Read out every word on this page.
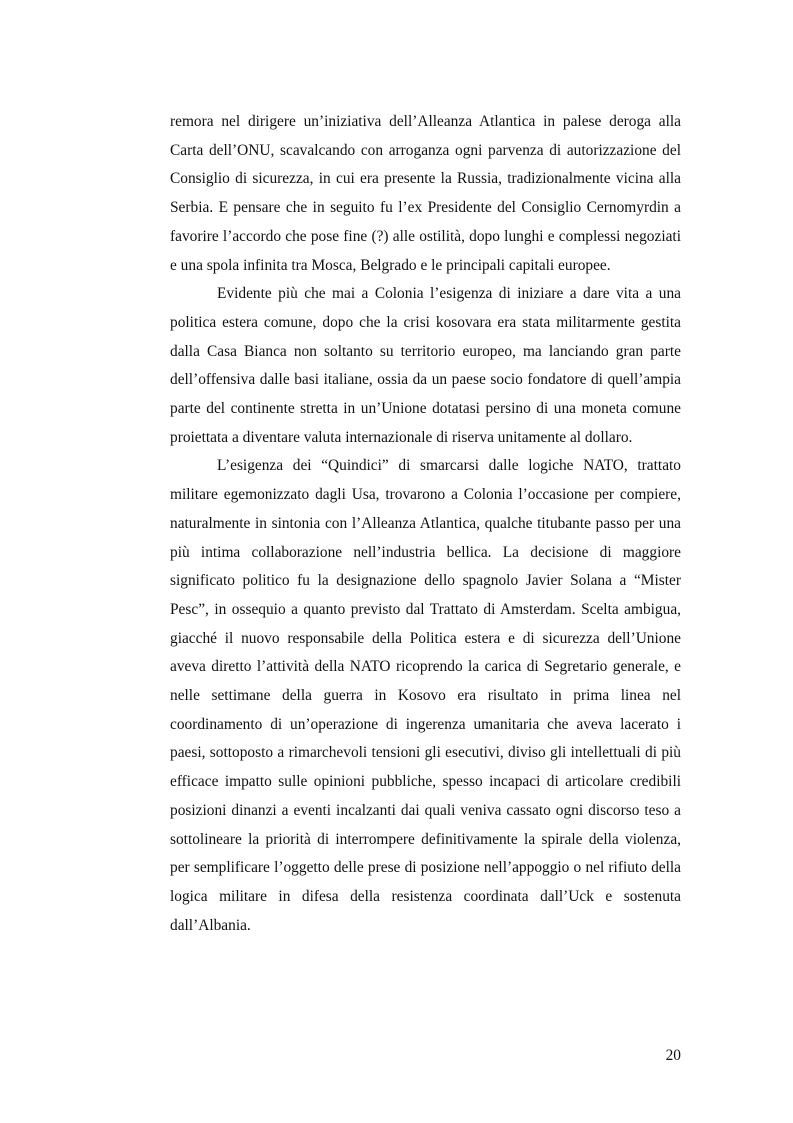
remora nel dirigere un’iniziativa dell’Alleanza Atlantica in palese deroga alla Carta dell’ONU, scavalcando con arroganza ogni parvenza di autorizzazione del Consiglio di sicurezza, in cui era presente la Russia, tradizionalmente vicina alla Serbia. E pensare che in seguito fu l’ex Presidente del Consiglio Cernomyrdin a favorire l’accordo che pose fine (?) alle ostilità, dopo lunghi e complessi negoziati e una spola infinita tra Mosca, Belgrado e le principali capitali europee.

Evidente più che mai a Colonia l’esigenza di iniziare a dare vita a una politica estera comune, dopo che la crisi kosovara era stata militarmente gestita dalla Casa Bianca non soltanto su territorio europeo, ma lanciando gran parte dell’offensiva dalle basi italiane, ossia da un paese socio fondatore di quell’ampia parte del continente stretta in un’Unione dotatasi persino di una moneta comune proiettata a diventare valuta internazionale di riserva unitamente al dollaro.

L’esigenza dei “Quindici” di smarcarsi dalle logiche NATO, trattato militare egemonizzato dagli Usa, trovarono a Colonia l’occasione per compiere, naturalmente in sintonia con l’Alleanza Atlantica, qualche titubante passo per una più intima collaborazione nell’industria bellica. La decisione di maggiore significato politico fu la designazione dello spagnolo Javier Solana a “Mister Pesc”, in ossequio a quanto previsto dal Trattato di Amsterdam. Scelta ambigua, giacché il nuovo responsabile della Politica estera e di sicurezza dell’Unione aveva diretto l’attività della NATO ricoprendo la carica di Segretario generale, e nelle settimane della guerra in Kosovo era risultato in prima linea nel coordinamento di un’operazione di ingerenza umanitaria che aveva lacerato i paesi, sottoposto a rimarchevoli tensioni gli esecutivi, diviso gli intellettuali di più efficace impatto sulle opinioni pubbliche, spesso incapaci di articolare credibili posizioni dinanzi a eventi incalzanti dai quali veniva cassato ogni discorso teso a sottolineare la priorità di interrompere definitivamente la spirale della violenza, per semplificare l’oggetto delle prese di posizione nell’appoggio o nel rifiuto della logica militare in difesa della resistenza coordinata dall’Uck e sostenuta dall’Albania.

20
